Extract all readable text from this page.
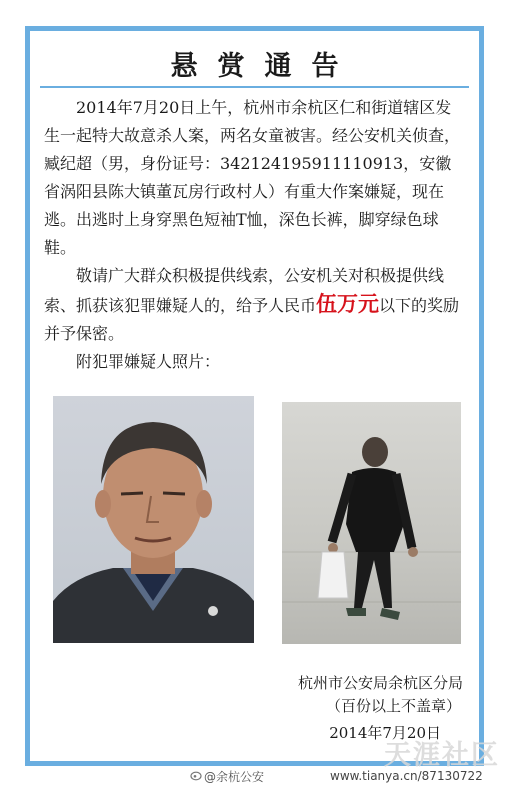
悬赏通告

2014年7月20日上午，杭州市余杭区仁和街道辖区发生一起特大故意杀人案，两名女童被害。经公安机关侦查，臧纪超（男，身份证号：342124195911110913，安徽省涡阳县陈大镇董瓦房行政村人）有重大作案嫌疑，现在逃。出逃时上身穿黑色短袖T恤，深色长裤，脚穿绿色球鞋。

敬请广大群众积极提供线索，公安机关对积极提供线索、抓获该犯罪嫌疑人的，给予人民币伍万元以下的奖励并予保密。

附犯罪嫌疑人照片：

杭州市公安局余杭区分局
（百份以上不盖章）
2014年7月20日
天涯社区
@余杭公安	www.tianya.cn/87130722
